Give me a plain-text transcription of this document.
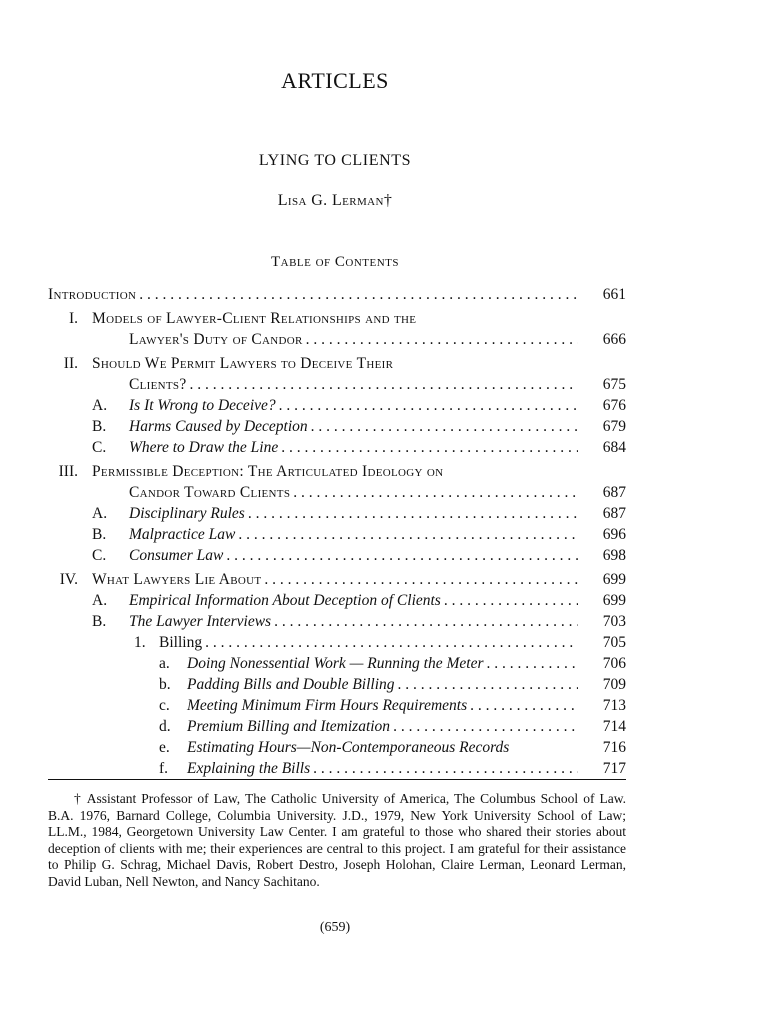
ARTICLES
LYING TO CLIENTS
Lisa G. Lerman†
Table of Contents
Introduction . . .	661
I. Models of Lawyer-Client Relationships and the
Lawyer's Duty of Candor . . .	666
II. Should We Permit Lawyers to Deceive Their
Clients? . . .	675
A.	Is It Wrong to Deceive? . . .	676
B.	Harms Caused by Deception . . .	679
C.	Where to Draw the Line . . .	684
III. Permissible Deception: The Articulated Ideology on
Candor Toward Clients . . .	687
A.	Disciplinary Rules . . .	687
B.	Malpractice Law . . .	696
C.	Consumer Law . . .	698
IV. What Lawyers Lie About . . .	699
A.	Empirical Information About Deception of Clients . . .	699
B.	The Lawyer Interviews . . .	703
1. Billing . . .	705
a.	Doing Nonessential Work — Running the Meter . . .	706
b.	Padding Bills and Double Billing . . .	709
c.	Meeting Minimum Firm Hours Requirements . . .	713
d.	Premium Billing and Itemization . . .	714
e.	Estimating Hours—Non-Contemporaneous Records	716
f.	Explaining the Bills . . .	717
† Assistant Professor of Law, The Catholic University of America, The Columbus School of Law. B.A. 1976, Barnard College, Columbia University. J.D., 1979, New York University School of Law; LL.M., 1984, Georgetown University Law Center. I am grateful to those who shared their stories about deception of clients with me; their experiences are central to this project. I am grateful for their assistance to Philip G. Schrag, Michael Davis, Robert Destro, Joseph Holohan, Claire Lerman, Leonard Lerman, David Luban, Nell Newton, and Nancy Sachitano.
(659)
